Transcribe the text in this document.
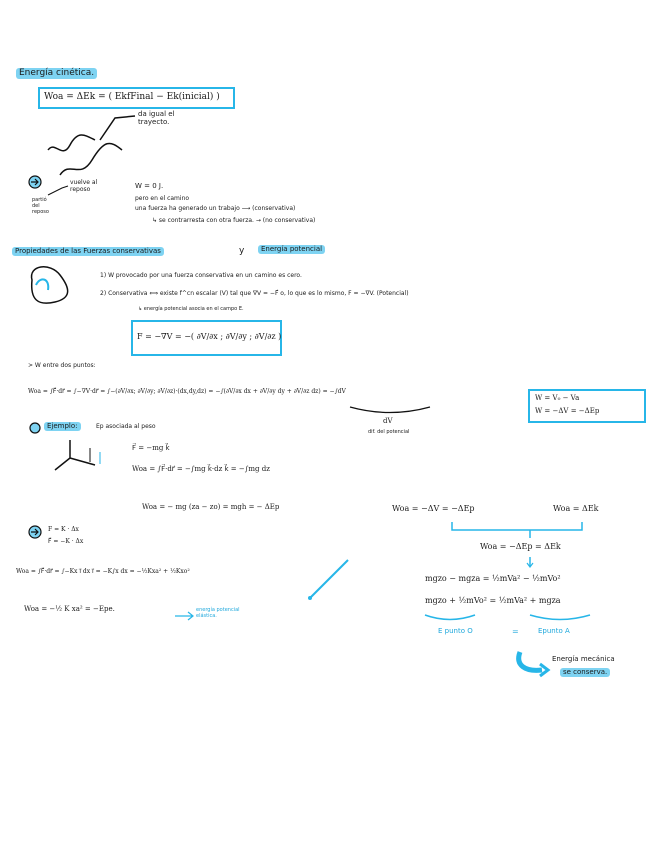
Energía cinética.
Woa = ΔEk = ( EkfFinal − Ek(inicial) )
da igual el
trayecto.
vuelve al
reposo
partió
del
reposo
W = 0 J.
pero en el camino
una fuerza ha generado un trabajo ⟶ (conservativa)
↳ se contrarresta con otra fuerza. → (no conservativa)
Propiedades de las Fuerzas conservativas	y	Energía potencial
1) W provocado por una fuerza conservativa en un camino es cero.
2) Conservativa ⟺ existe f^cn escalar (V) tal que ∇V = −F⃗ o, lo que es lo mismo, F = −∇V. (Potencial)
↳ energía potencial asocia en el campo E.
F = −∇V = −( ∂V/∂x ; ∂V/∂y ; ∂V/∂z )
> W entre dos puntos:
Woa = ∫F⃗·dr⃗ = ∫−∇V·dr⃗ = ∫−(∂V/∂x; ∂V/∂y; ∂V/∂z)·(dx,dy,dz) = −∫(∂V/∂x dx + ∂V/∂y dy + ∂V/∂z dz) = −∫dV
dV
dif. del potencial
W = V₀ − Va
W = −ΔV = −ΔEp
Ejemplo:	Ep asociada al peso
F⃗ = −mg k⃗
Woa = ∫F⃗·dr⃗ = −∫mg k⃗·dz k⃗ = −∫mg dz
Woa = − mg (za − zo) = mgh = − ΔEp
F = K · Δx
F⃗ = −K · Δx
Woa = ∫F⃗·dr⃗ = ∫−Kx i⃗ dx i⃗ = −K∫x dx = −½Kxa² + ½Kxo²
Woa = −½ K xa² = −Epe.	energía potencial
elástica.
Woa = −ΔV = −ΔEp	Woa = ΔEk
Woa = −ΔEp = ΔEk
mgzo − mgza = ½mVa² − ½mVo²
mgzo + ½mVo² = ½mVa² + mgza
E punto O	=	Epunto A
Energía mecánica
se conserva.
